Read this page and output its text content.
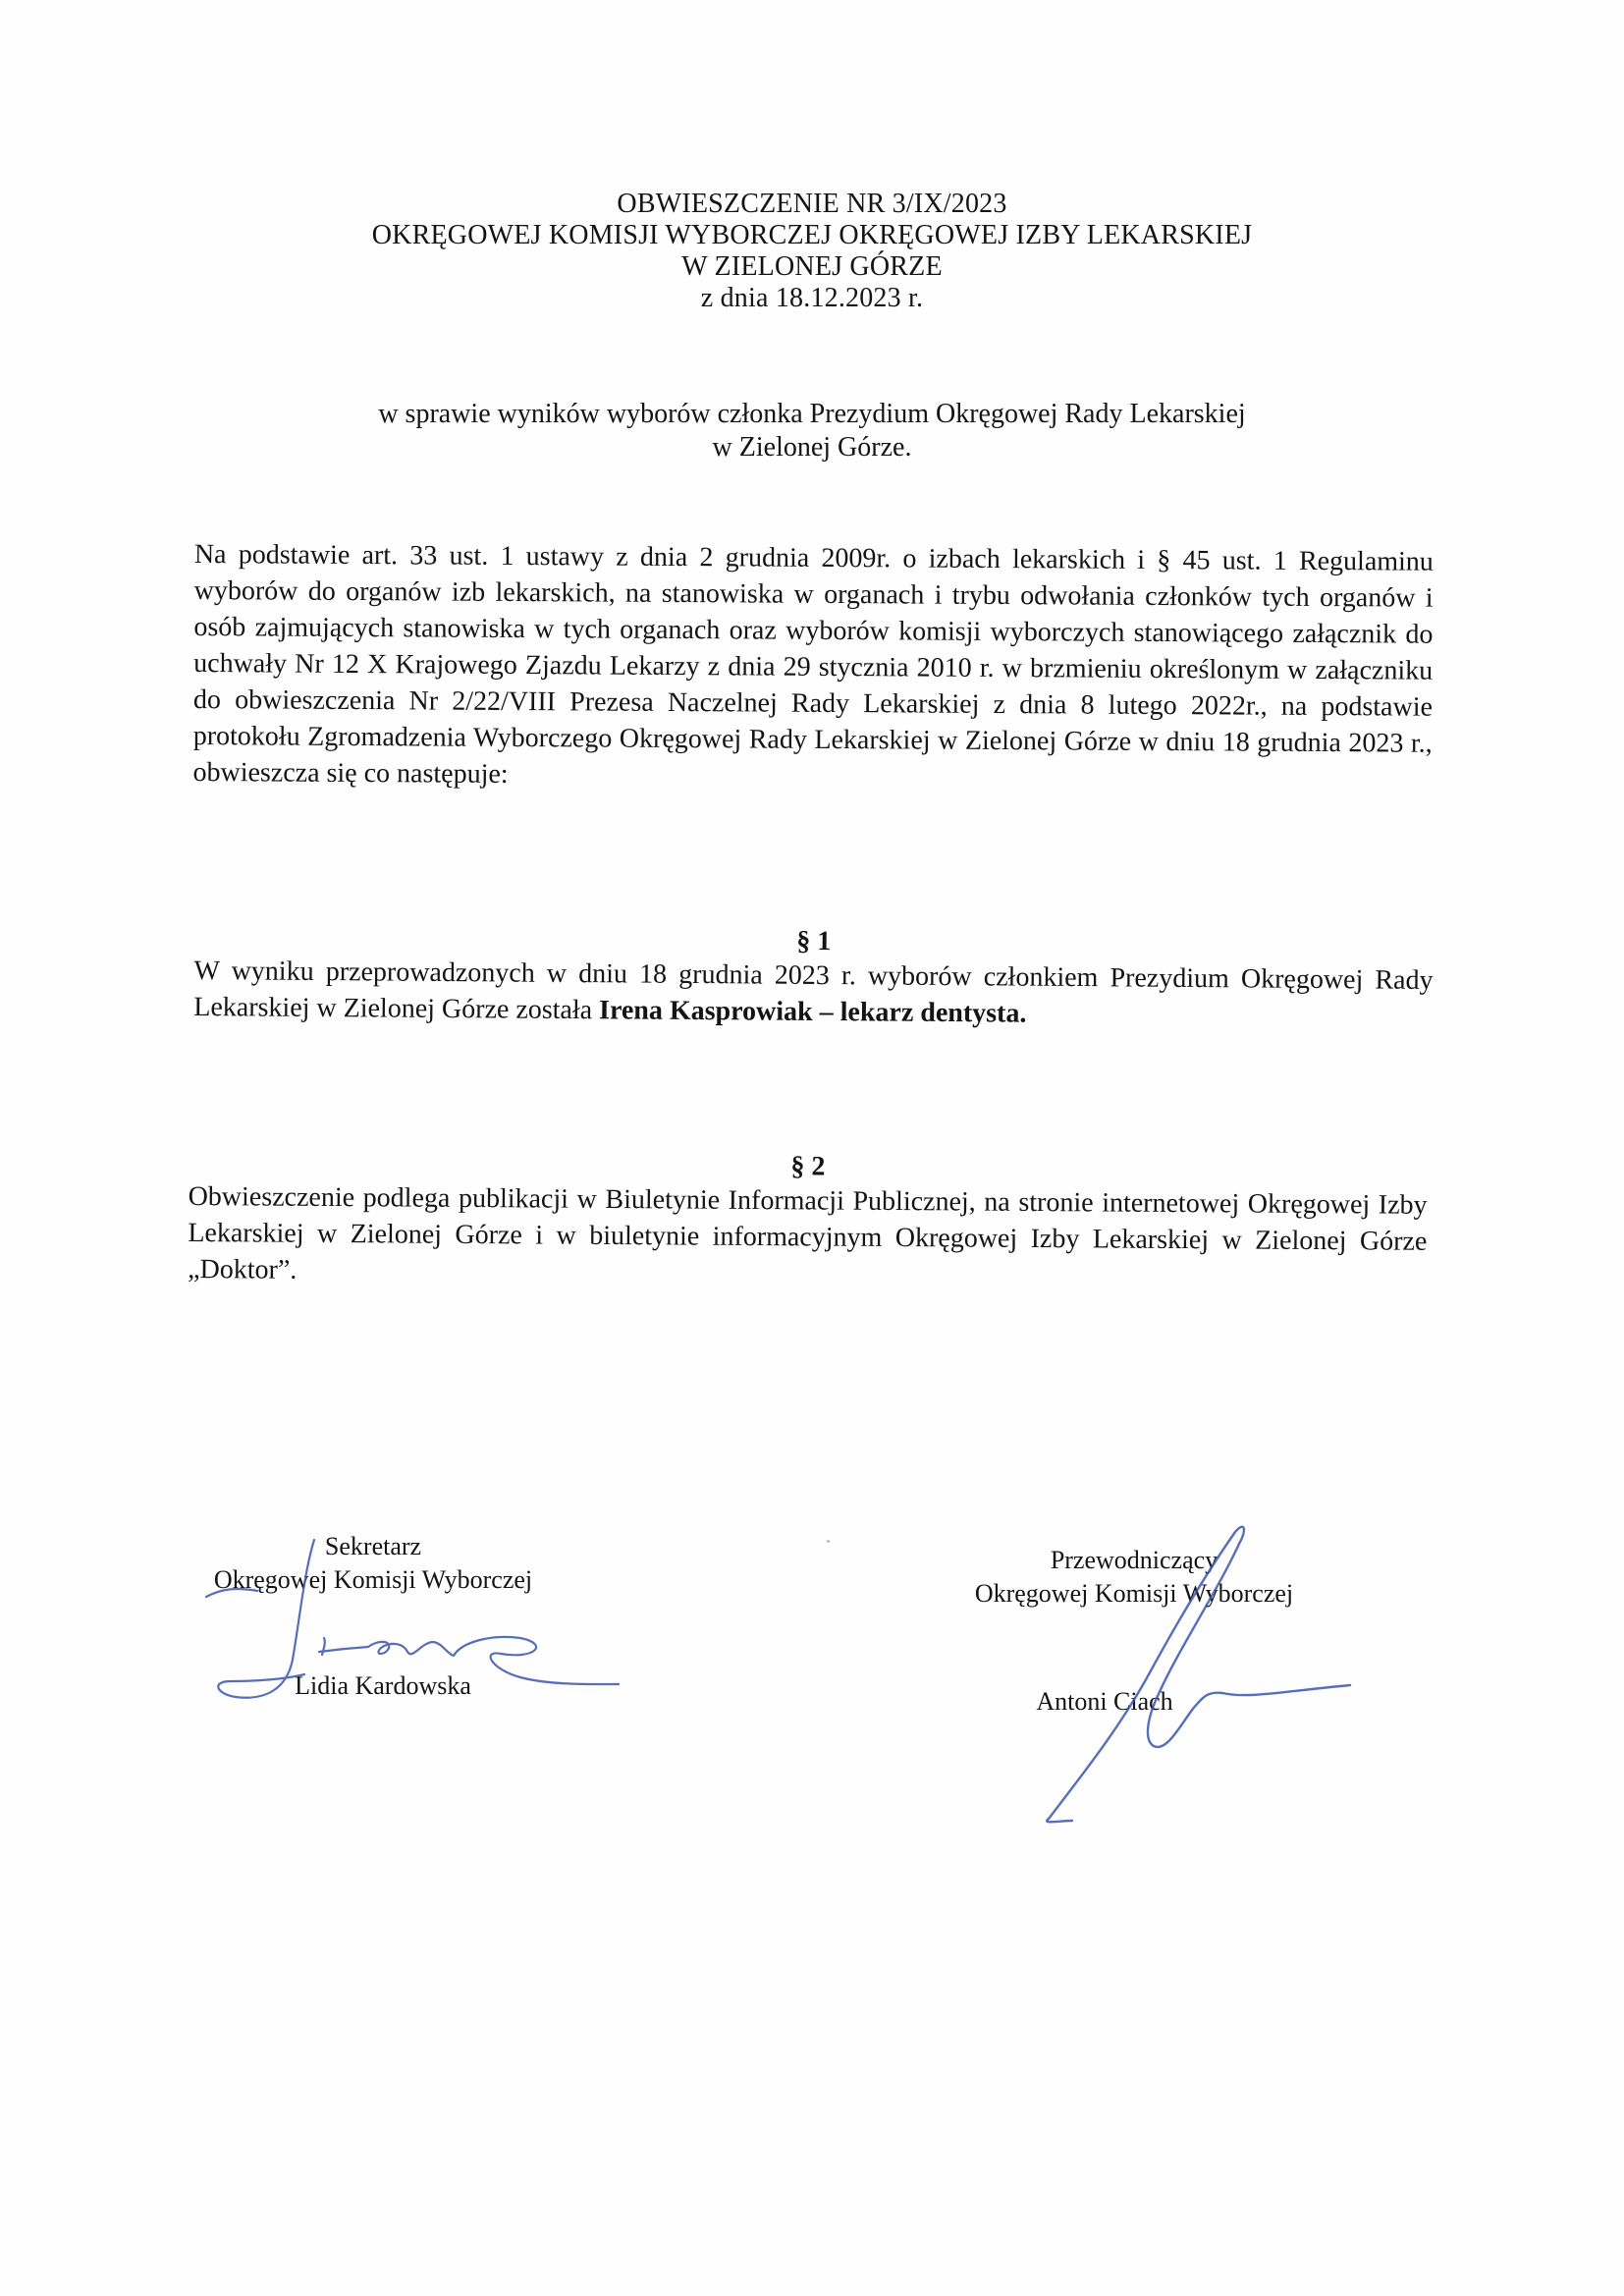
OBWIESZCZENIE NR 3/IX/2023
OKRĘGOWEJ KOMISJI WYBORCZEJ OKRĘGOWEJ IZBY LEKARSKIEJ
W ZIELONEJ GÓRZE
z dnia 18.12.2023 r.
w sprawie wyników wyborów członka Prezydium Okręgowej Rady Lekarskiej
w Zielonej Górze.
Na podstawie art. 33 ust. 1 ustawy z dnia 2 grudnia 2009r. o izbach lekarskich i § 45 ust. 1 Regulaminu wyborów do organów izb lekarskich, na stanowiska w organach i trybu odwołania członków tych organów i osób zajmujących stanowiska w tych organach oraz wyborów komisji wyborczych stanowiącego załącznik do uchwały Nr 12 X Krajowego Zjazdu Lekarzy z dnia 29 stycznia 2010 r. w brzmieniu określonym w załączniku do obwieszczenia Nr 2/22/VIII Prezesa Naczelnej Rady Lekarskiej z dnia 8 lutego 2022r., na podstawie protokołu Zgromadzenia Wyborczego Okręgowej Rady Lekarskiej w Zielonej Górze w dniu 18 grudnia 2023 r., obwieszcza się co następuje:
§ 1
W wyniku przeprowadzonych w dniu 18 grudnia 2023 r. wyborów członkiem Prezydium Okręgowej Rady Lekarskiej w Zielonej Górze została Irena Kasprowiak – lekarz dentysta.
§ 2
Obwieszczenie podlega publikacji w Biuletynie Informacji Publicznej, na stronie internetowej Okręgowej Izby Lekarskiej w Zielonej Górze i w biuletynie informacyjnym Okręgowej Izby Lekarskiej w Zielonej Górze „Doktor”.
Sekretarz
Okręgowej Komisji Wyborczej
Lidia Kardowska
Przewodniczący
Okręgowej Komisji Wyborczej
Antoni Ciach
